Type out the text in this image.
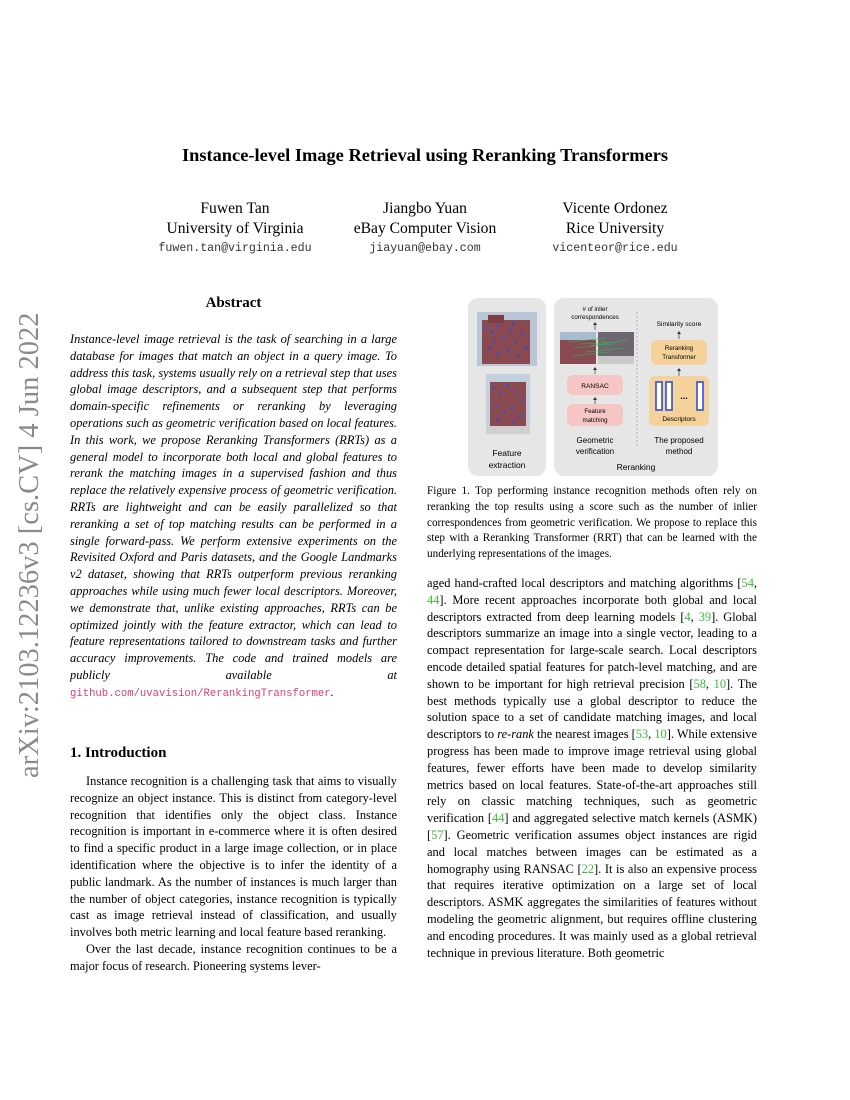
arXiv:2103.12236v3 [cs.CV] 4 Jun 2022
Instance-level Image Retrieval using Reranking Transformers
Fuwen Tan
University of Virginia
fuwen.tan@virginia.edu
Jiangbo Yuan
eBay Computer Vision
jiayuan@ebay.com
Vicente Ordonez
Rice University
vicenteor@rice.edu
Abstract
Instance-level image retrieval is the task of searching in a large database for images that match an object in a query image. To address this task, systems usually rely on a retrieval step that uses global image descriptors, and a subsequent step that performs domain-specific refinements or reranking by leveraging operations such as geometric verification based on local features. In this work, we propose Reranking Transformers (RRTs) as a general model to incorporate both local and global features to rerank the matching images in a supervised fashion and thus replace the relatively expensive process of geometric verification. RRTs are lightweight and can be easily parallelized so that reranking a set of top matching results can be performed in a single forward-pass. We perform extensive experiments on the Revisited Oxford and Paris datasets, and the Google Landmarks v2 dataset, showing that RRTs outperform previous reranking approaches while using much fewer local descriptors. Moreover, we demonstrate that, unlike existing approaches, RRTs can be optimized jointly with the feature extractor, which can lead to feature representations tailored to downstream tasks and further accuracy improvements. The code and trained models are publicly available at github.com/uvavision/RerankingTransformer.
1. Introduction

Instance recognition is a challenging task that aims to visually recognize an object instance. This is distinct from category-level recognition that identifies only the object class. Instance recognition is important in e-commerce where it is often desired to find a specific product in a large image collection, or in place identification where the objective is to infer the identity of a public landmark. As the number of instances is much larger than the number of object categories, instance recognition is typically cast as image retrieval instead of classification, and usually involves both metric learning and local feature based reranking.

Over the last decade, instance recognition continues to be a major focus of research. Pioneering systems lever-

Feature
extraction
# of inlier
correspondences
RANSAC
Feature
matching
Geometric
verification
Similarity score
Reranking
Transformer
...
Descriptors
The proposed
method
Reranking
Figure 1. Top performing instance recognition methods often rely on reranking the top results using a score such as the number of inlier correspondences from geometric verification. We propose to replace this step with a Reranking Transformer (RRT) that can be learned with the underlying representations of the images.
aged hand-crafted local descriptors and matching algorithms [54, 44]. More recent approaches incorporate both global and local descriptors extracted from deep learning models [4, 39]. Global descriptors summarize an image into a single vector, leading to a compact representation for large-scale search. Local descriptors encode detailed spatial features for patch-level matching, and are shown to be important for high retrieval precision [58, 10]. The best methods typically use a global descriptor to reduce the solution space to a set of candidate matching images, and local descriptors to re-rank the nearest images [53, 10]. While extensive progress has been made to improve image retrieval using global features, fewer efforts have been made to develop similarity metrics based on local features. State-of-the-art approaches still rely on classic matching techniques, such as geometric verification [44] and aggregated selective match kernels (ASMK) [57]. Geometric verification assumes object instances are rigid and local matches between images can be estimated as a homography using RANSAC [22]. It is also an expensive process that requires iterative optimization on a large set of local descriptors. ASMK aggregates the similarities of features without modeling the geometric alignment, but requires offline clustering and encoding procedures. It was mainly used as a global retrieval technique in previous literature. Both geometric
